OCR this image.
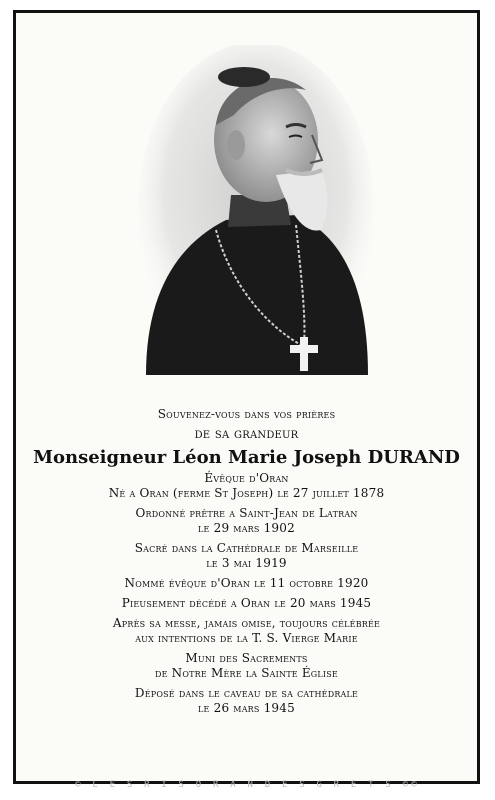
Souvenez-vous dans vos prières
de sa grandeur
Monseigneur Léon Marie Joseph DURAND
Évêque d'Oran
Né a Oran (ferme St Joseph) le 27 juillet 1878
Ordonné prêtre a Saint-Jean de Latran
le 29 mars 1902
Sacré dans la Cathédrale de Marseille
le 3 mai 1919
Nommé évêque d'Oran le 11 octobre 1920
Pieusement décédé a Oran le 20 mars 1945
Après sa messe, jamais omise, toujours célébrée
aux intentions de la T. S. Vierge Marie
Muni des Sacrements
de Notre Mère la Sainte Église
Déposé dans le caveau de sa cathédrale
le 26 mars 1945
© L E S R I S O R A N D E S G R E T S ©©
